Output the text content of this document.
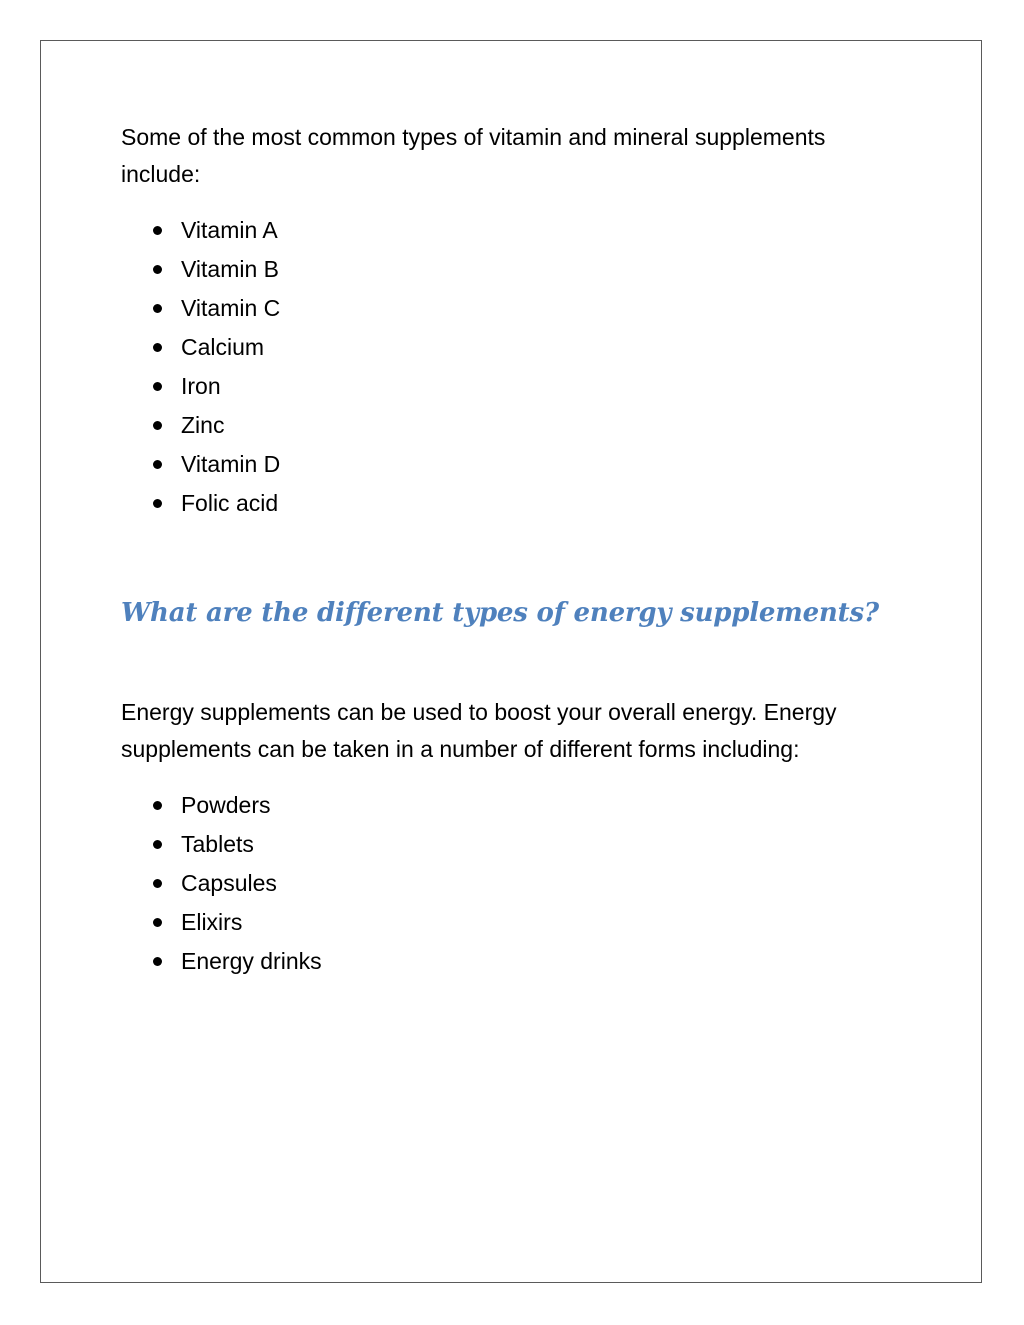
Some of the most common types of vitamin and mineral supplements include:

Vitamin A
Vitamin B
Vitamin C
Calcium
Iron
Zinc
Vitamin D
Folic acid
What are the different types of energy supplements?

Energy supplements can be used to boost your overall energy. Energy supplements can be taken in a number of different forms including:

Powders
Tablets
Capsules
Elixirs
Energy drinks
